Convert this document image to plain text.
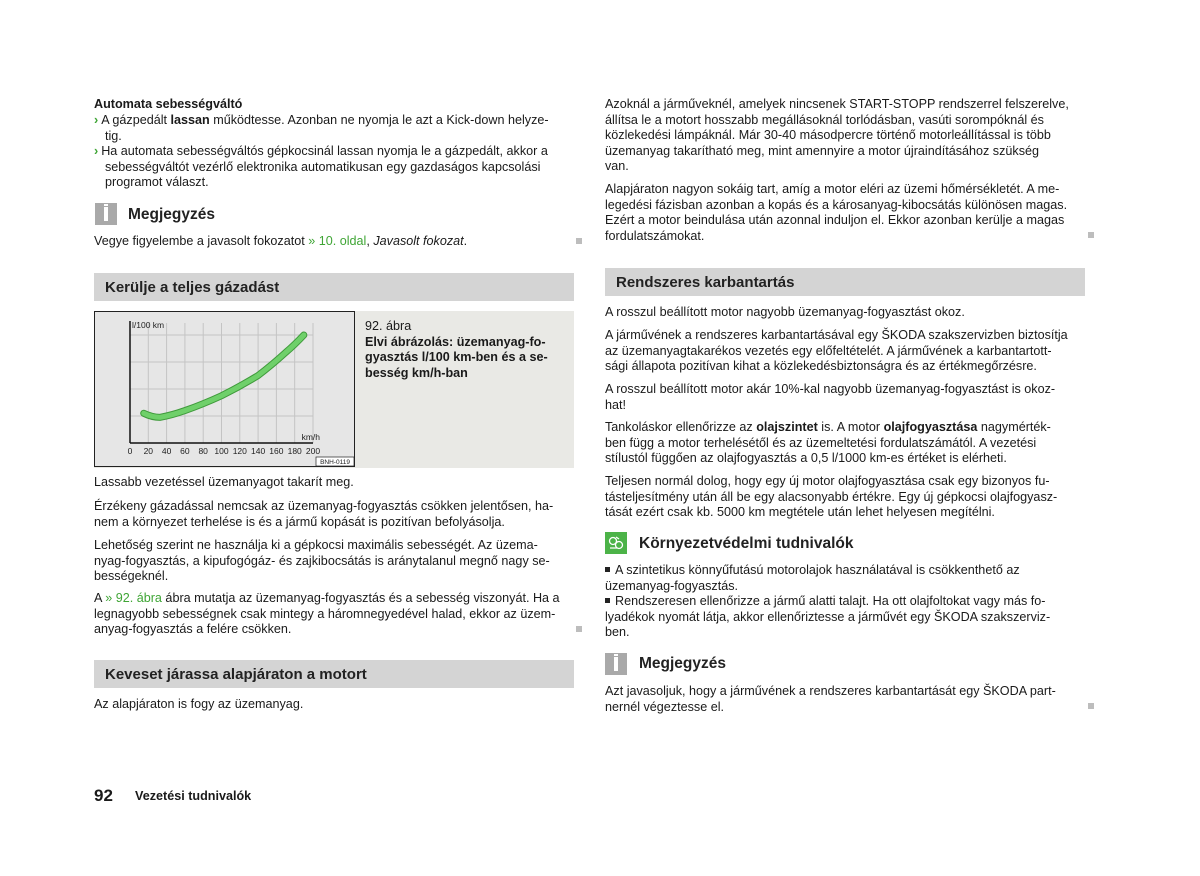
Automata sebességváltó
› A gázpedált lassan működtesse. Azonban ne nyomja le azt a Kick-down helyze-
tig.
› Ha automata sebességváltós gépkocsinál lassan nyomja le a gázpedált, akkor a
sebességváltót vezérlő elektronika automatikusan egy gazdaságos kapcsolási
programot választ.
Megjegyzés
Vegye figyelembe a javasolt fokozatot » 10. oldal, Javasolt fokozat.
Kerülje a teljes gázadást
0 20 40 60 80 100 120 140 160 180 200
l/100 km
km/h
BNH-0119
92. ábra
Elvi ábrázolás: üzemanyag-fo-
gyasztás l/100 km-ben és a se-
besség km/h-ban
Lassabb vezetéssel üzemanyagot takarít meg.
Érzékeny gázadással nemcsak az üzemanyag-fogyasztás csökken jelentősen, ha-
nem a környezet terhelése is és a jármű kopását is pozitívan befolyásolja.
Lehetőség szerint ne használja ki a gépkocsi maximális sebességét. Az üzema-
nyag-fogyasztás, a kipufogógáz- és zajkibocsátás is aránytalanul megnő nagy se-
bességeknél.
A » 92. ábra ábra mutatja az üzemanyag-fogyasztás és a sebesség viszonyát. Ha a
legnagyobb sebességnek csak mintegy a háromnegyedével halad, ekkor az üzem-
anyag-fogyasztás a felére csökken.
Keveset járassa alapjáraton a motort
Az alapjáraton is fogy az üzemanyag.
92 Vezetési tudnivalók
Azoknál a járműveknél, amelyek nincsenek START-STOPP rendszerrel felszerelve,
állítsa le a motort hosszabb megállásoknál torlódásban, vasúti sorompóknál és
közlekedési lámpáknál. Már 30-40 másodpercre történő motorleállítással is több
üzemanyag takarítható meg, mint amennyire a motor újraindításához szükség
van.
Alapjáraton nagyon sokáig tart, amíg a motor eléri az üzemi hőmérsékletét. A me-
legedési fázisban azonban a kopás és a károsanyag-kibocsátás különösen magas.
Ezért a motor beindulása után azonnal induljon el. Ekkor azonban kerülje a magas
fordulatszámokat.
Rendszeres karbantartás
A rosszul beállított motor nagyobb üzemanyag-fogyasztást okoz.
A járművének a rendszeres karbantartásával egy ŠKODA szakszervizben biztosítja
az üzemanyagtakarékos vezetés egy előfeltételét. A járművének a karbantartott-
sági állapota pozitívan kihat a közlekedésbiztonságra és az értékmegőrzésre.
A rosszul beállított motor akár 10%-kal nagyobb üzemanyag-fogyasztást is okoz-
hat!
Tankoláskor ellenőrizze az olajszintet is. A motor olajfogyasztása nagymérték-
ben függ a motor terhelésétől és az üzemeltetési fordulatszámától. A vezetési
stílustól függően az olajfogyasztás a 0,5 l/1000 km-es értéket is elérheti.
Teljesen normál dolog, hogy egy új motor olajfogyasztása csak egy bizonyos fu-
tásteljesítmény után áll be egy alacsonyabb értékre. Egy új gépkocsi olajfogyasz-
tását ezért csak kb. 5000 km megtétele után lehet helyesen megítélni.
Környezetvédelmi tudnivalók
A szintetikus könnyűfutású motorolajok használatával is csökkenthető az
üzemanyag-fogyasztás.
Rendszeresen ellenőrizze a jármű alatti talajt. Ha ott olajfoltokat vagy más fo-
lyadékok nyomát látja, akkor ellenőriztesse a járművét egy ŠKODA szakszerviz-
ben.
Megjegyzés
Azt javasoljuk, hogy a járművének a rendszeres karbantartását egy ŠKODA part-
nernél végeztesse el.
